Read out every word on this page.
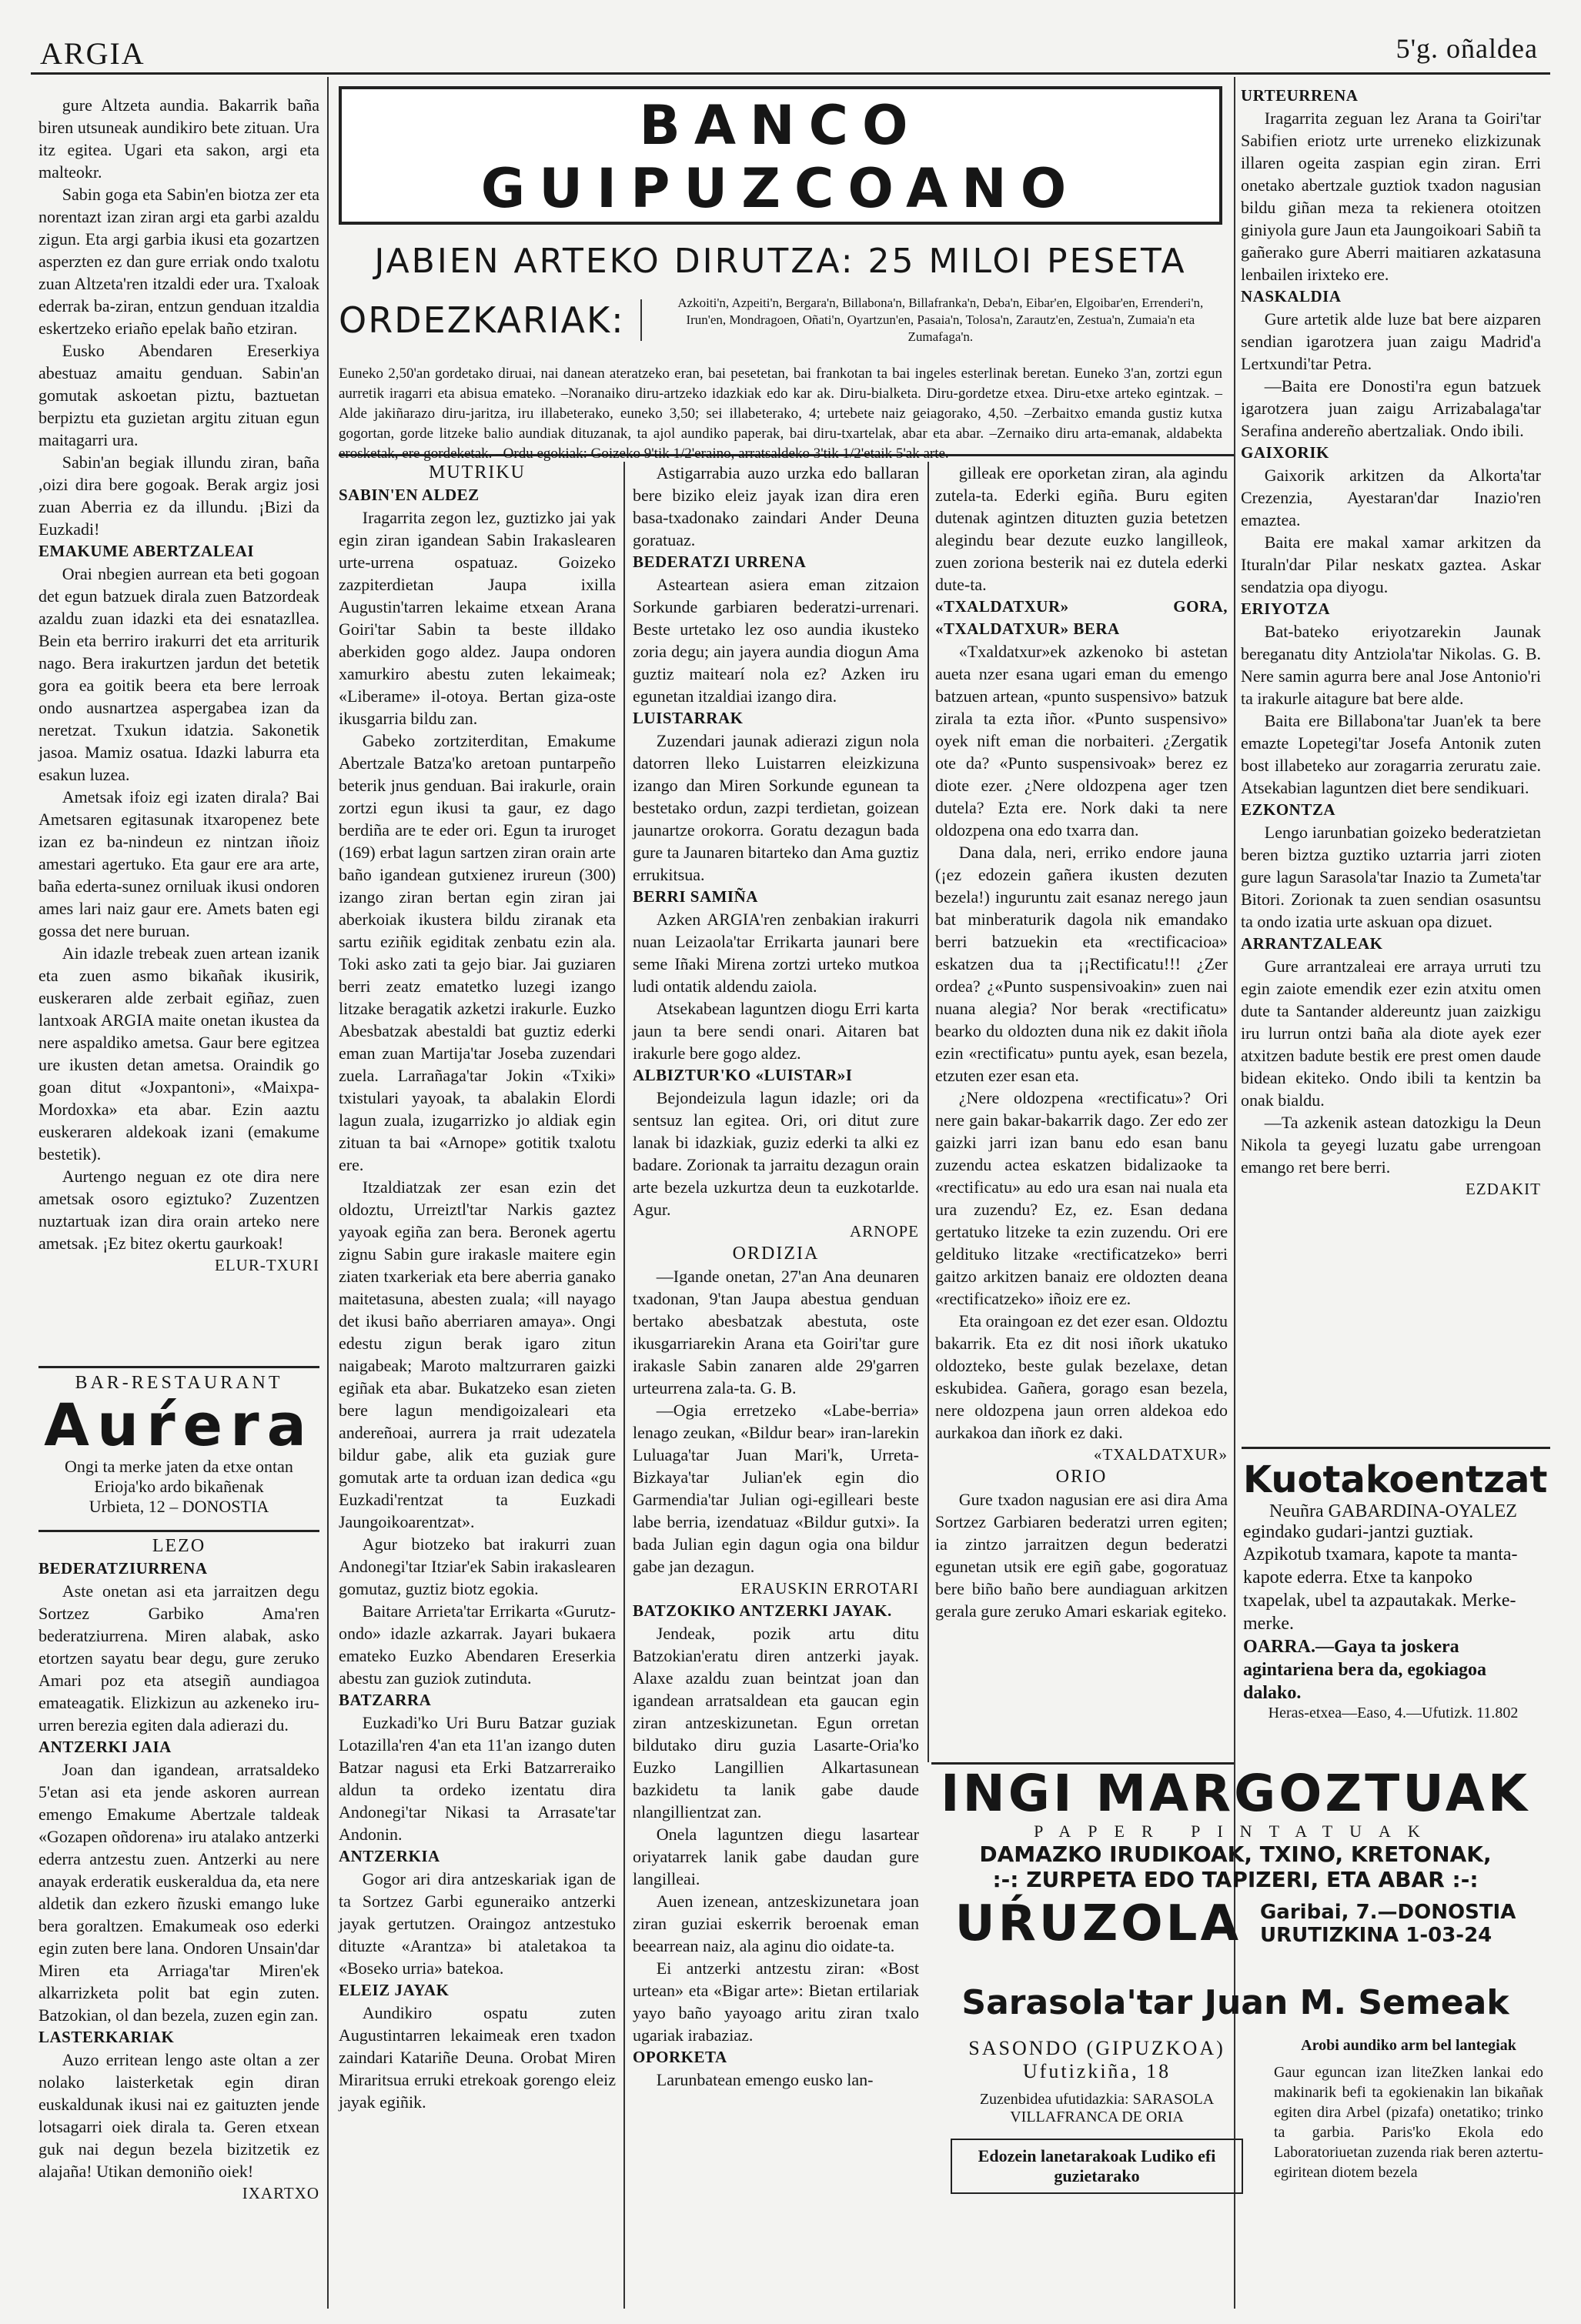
ARGIA	5'g. oñaldea

gure Altzeta aundia. Bakarrik baña biren utsuneak aundikiro bete zituan. Ura itz egitea. Ugari eta sakon, argi eta malteokr.

Sabin goga eta Sabin'en biotza zer eta norentazt izan ziran argi eta garbi azaldu zigun. Eta argi garbia ikusi eta gozartzen asperzten ez dan gure erriak ondo txalotu zuan Altzeta'ren itzaldi eder ura. Txaloak ederrak ba-ziran, entzun genduan itzaldia eskertzeko eriaño epelak baño etziran.

Eusko Abendaren Ereserkiya abestuaz amaitu genduan. Sabin'an gomutak askoetan piztu, baztuetan berpiztu eta guzietan argitu zituan egun maitagarri ura.

Sabin'an begiak illundu ziran, baña ,oizi dira bere gogoak. Berak argiz josi zuan Aberria ez da illundu. ¡Bizi da Euzkadi!

EMAKUME ABERTZALEAI

Orai nbegien aurrean eta beti gogoan det egun batzuek dirala zuen Batzordeak azaldu zuan idazki eta dei esnatazllea. Bein eta berriro irakurri det eta arriturik nago. Bera irakurtzen jardun det betetik gora ea goitik beera eta bere lerroak ondo ausnartzea aspergabea izan da neretzat. Txukun idatzia. Sakonetik jasoa. Mamiz osatua. Idazki laburra eta esakun luzea.

Ametsak ifoiz egi izaten dirala? Bai Ametsaren egitasunak itxaropenez bete izan ez ba-nindeun ez nintzan iñoiz amestari agertuko. Eta gaur ere ara arte, baña ederta-sunez orniluak ikusi ondoren ames lari naiz gaur ere. Amets baten egi gossa det nere buruan.

Ain idazle trebeak zuen artean izanik eta zuen asmo bikañak ikusirik, euskeraren alde zerbait egiñaz, zuen lantxoak ARGIA maite onetan ikustea da nere aspaldiko ametsa. Gaur bere egitzea ure ikusten detan ametsa. Oraindik go goan ditut «Joxpantoni», «Maixpa-Mordoxka» eta abar. Ezin aaztu euskeraren aldekoak izani (emakume bestetik).

Aurtengo neguan ez ote dira nere ametsak osoro egiztuko? Zuzentzen nuztartuak izan dira orain arteko nere ametsak. ¡Ez bitez okertu gaurkoak!

ELUR-TXURI

BAR-RESTAURANT
Auŕera
Ongi ta merke jaten da etxe ontan
Erioja'ko ardo bikañenak
Urbieta, 12 – DONOSTIA

LEZO

BEDERATZIURRENA

Aste onetan asi eta jarraitzen degu Sortzez Garbiko Ama'ren bederatziurrena. Miren alabak, asko etortzen sayatu bear degu, gure zeruko Amari poz eta atsegiñ aundiagoa emateagatik. Elizkizun au azkeneko iru-urren berezia egiten dala adierazi du.

ANTZERKI JAIA

Joan dan igandean, arratsaldeko 5'etan asi eta jende askoren aurrean emengo Emakume Abertzale taldeak «Gozapen oñdorena» iru atalako antzerki ederra antzestu zuen. Antzerki au nere anayak erderatik euskeraldua da, eta nere aldetik dan ezkero ñzuski emango luke bera goraltzen. Emakumeak oso ederki egin zuten bere lana. Ondoren Unsain'dar Miren eta Arriaga'tar Miren'ek alkarrizketa polit bat egin zuten. Batzokian, ol dan bezela, zuzen egin zan.

LASTERKARIAK

Auzo erritean lengo aste oltan a zer nolako laisterketak egin diran euskaldunak ikusi nai ez gaituzten jende lotsagarri oiek dirala ta. Geren etxean guk nai degun bezela bizitzetik ez alajaña! Utikan demoniño oiek!

IXARTXO

BANCO GUIPUZCOANO
JABIEN ARTEKO DIRUTZA: 25 MILOI PESETA
ORDEZKARIAK:	Azkoiti'n, Azpeiti'n, Bergara'n, Billabona'n, Billafranka'n, Deba'n, Eibar'en, Elgoibar'en, Errenderi'n, Irun'en, Mondragoen, Oñati'n, Oyartzun'en, Pasaia'n, Tolosa'n, Zarautz'en, Zestua'n, Zumaia'n eta Zumafaga'n.
Euneko 2,50'an gordetako diruai, nai danean ateratzeko eran, bai pesetetan, bai frankotan ta bai ingeles esterlinak beretan. Euneko 3'an, zortzi egun aurretik iragarri eta abisua emateko. –Noranaiko diru-artzeko idazkiak edo kar ak. Diru-bialketa. Diru-gordetze etxea. Diru-etxe arteko egintzak. –Alde jakiñarazo diru-jaritza, iru illabeterako, euneko 3,50; sei illabeterako, 4; urtebete naiz geiagorako, 4,50. –Zerbaitxo emanda gustiz kutxa gogortan, gorde litzeke balio aundiak dituzanak, ta ajol aundiko paperak, bai diru-txartelak, abar eta abar. –Zernaiko diru arta-emanak, aldabekta erosketak, ere gordeketak. –Ordu egokiak: Goizeko 9'tik 1/2'eraino, arratsaldeko 3'tik 1/2'etaik 5'ak arte.

MUTRIKU

SABIN'EN ALDEZ

Iragarrita zegon lez, guztizko jai yak egin ziran igandean Sabin Irakaslearen urte-urrena ospatuaz. Goizeko zazpiterdietan Jaupa ixilla Augustin'tarren lekaime etxean Arana Goiri'tar Sabin ta beste illdako aberkiden gogo aldez. Jaupa ondoren xamurkiro abestu zuten lekaimeak; «Liberame» il-otoya. Bertan giza-oste ikusgarria bildu zan.

Gabeko zortziterditan, Emakume Abertzale Batza'ko aretoan puntarpeño beterik jnus genduan. Bai irakurle, orain zortzi egun ikusi ta gaur, ez dago berdiña are te eder ori. Egun ta iruroget (169) erbat lagun sartzen ziran orain arte baño igandean gutxienez irureun (300) izango ziran bertan egin ziran jai aberkoiak ikustera bildu ziranak eta sartu eziñik egiditak zenbatu ezin ala. Toki asko zati ta gejo biar. Jai guziaren berri zeatz ematetko luzegi izango litzake beragatik azketzi irakurle. Euzko Abesbatzak abestaldi bat guztiz ederki eman zuan Martija'tar Joseba zuzendari zuela. Larrañaga'tar Jokin «Txiki» txistulari yayoak, ta abalakin Elordi lagun zuala, izugarrizko jo aldiak egin zituan ta bai «Arnope» gotitik txalotu ere.

Itzaldiatzak zer esan ezin det oldoztu, Urreiztl'tar Narkis gaztez yayoak egiña zan bera. Beronek agertu zignu Sabin gure irakasle maitere egin ziaten txarkeriak eta bere aberria ganako maitetasuna, abesten zuala; «ill nayago det ikusi baño aberriaren amaya». Ongi edestu zigun berak igaro zitun naigabeak; Maroto maltzurraren gaizki egiñak eta abar. Bukatzeko esan zieten bere lagun mendigoizaleari eta andereñoai, aurrera ja rrait udezatela bildur gabe, alik eta guziak gure gomutak arte ta orduan izan dedica «gu Euzkadi'rentzat ta Euzkadi Jaungoikoarentzat».

Agur biotzeko bat irakurri zuan Andonegi'tar Itziar'ek Sabin irakaslearen gomutaz, guztiz biotz egokia.

Baitare Arrieta'tar Errikarta «Gurutz-ondo» idazle azkarrak. Jayari bukaera emateko Euzko Abendaren Ereserkia abestu zan guziok zutinduta.

BATZARRA

Euzkadi'ko Uri Buru Batzar guziak Lotazilla'ren 4'an eta 11'an izango duten Batzar nagusi eta Erki Batzarreraiko aldun ta ordeko izentatu dira Andonegi'tar Nikasi ta Arrasate'tar Andonin.

ANTZERKIA

Gogor ari dira antzeskariak igan de ta Sortzez Garbi eguneraiko antzerki jayak gertutzen. Oraingoz antzestuko dituzte «Arantza» bi ataletakoa ta «Boseko urria» batekoa.

ELEIZ JAYAK

Aundikiro ospatu zuten Augustintarren lekaimeak eren txadon zaindari Katariñe Deuna. Orobat Miren Miraritsua erruki etrekoak gorengo eleiz jayak egiñik.

Astigarrabia auzo urzka edo ballaran bere biziko eleiz jayak izan dira eren basa-txadonako zaindari Ander Deuna goratuaz.

BEDERATZI URRENA

Asteartean asiera eman zitzaion Sorkunde garbiaren bederatzi-urrenari. Beste urtetako lez oso aundia ikusteko zoria degu; ain jayera aundia diogun Ama guztiz maitearí nola ez? Azken iru egunetan itzaldiai izango dira.

LUISTARRAK

Zuzendari jaunak adierazi zigun nola datorren lleko Luistarren eleizkizuna izango dan Miren Sorkunde egunean ta bestetako ordun, zazpi terdietan, goizean jaunartze orokorra. Goratu dezagun bada gure ta Jaunaren bitarteko dan Ama guztiz errukitsua.

BERRI SAMIÑA

Azken ARGIA'ren zenbakian irakurri nuan Leizaola'tar Errikarta jaunari bere seme Iñaki Mirena zortzi urteko mutkoa ludi ontatik aldendu zaiola.

Atsekabean laguntzen diogu Erri karta jaun ta bere sendi onari. Aitaren bat irakurle bere gogo aldez.

ALBIZTUR'KO «LUISTAR»I

Bejondeizula lagun idazle; ori da sentsuz lan egitea. Ori, ori ditut zure lanak bi idazkiak, guziz ederki ta alki ez badare. Zorionak ta jarraitu dezagun orain arte bezela uzkurtza deun ta euzkotarlde. Agur.

ARNOPE

ORDIZIA

—Igande onetan, 27'an Ana deunaren txadonan, 9'tan Jaupa abestua genduan bertako abesbatzak abestuta, oste ikusgarriarekin Arana eta Goiri'tar gure irakasle Sabin zanaren alde 29'garren urteurrena zala-ta. G. B.

—Ogia erretzeko «Labe-berria» lenago zeukan, «Bildur bear» iran-larekin Luluaga'tar Juan Mari'k, Urreta-Bizkaya'tar Julian'ek egin dio Garmendia'tar Julian ogi-egilleari beste labe berria, izendatuaz «Bildur gutxi». Ia bada Julian egin dagun ogia ona bildur gabe jan dezagun.

ERAUSKIN ERROTARI

BATZOKIKO ANTZERKI JAYAK.

Jendeak, pozik artu ditu Batzokian'eratu diren antzerki jayak. Alaxe azaldu zuan beintzat joan dan igandean arratsaldean eta gaucan egin ziran antzeskizunetan. Egun orretan bildutako diru guzia Lasarte-Oria'ko Euzko Langillien Alkartasunean bazkidetu ta lanik gabe daude nlangillientzat zan.

Onela laguntzen diegu lasartear oriyatarrek lanik gabe daudan gure langilleai.

Auen izenean, antzeskizunetara joan ziran guziai eskerrik beroenak eman beearrean naiz, ala aginu dio oidate-ta.

Ei antzerki antzestu ziran: «Bost urtean» eta «Bigar arte»: Bietan ertilariak yayo baño yayoago aritu ziran txalo ugariak irabaziaz.

OPORKETA

Larunbatean emengo eusko lan-

gilleak ere oporketan ziran, ala agindu zutela-ta. Ederki egiña. Buru egiten dutenak agintzen dituzten guzia betetzen alegindu bear dezute euzko langilleok, zuen zoriona besterik nai ez dutela ederki dute-ta.

«TXALDATXUR» GORA, «TXALDATXUR» BERA

«Txaldatxur»ek azkenoko bi astetan aueta nzer esana ugari eman du emengo batzuen artean, «punto suspensivo» batzuk zirala ta ezta iñor. «Punto suspensivo» oyek nift eman die norbaiteri. ¿Zergatik ote da? «Punto suspensivoak» berez ez diote ezer. ¿Nere oldozpena ager tzen dutela? Ezta ere. Nork daki ta nere oldozpena ona edo txarra dan.

Dana dala, neri, erriko endore jauna (¡ez edozein gañera ikusten dezuten bezela!) inguruntu zait esanaz nerego jaun bat minberaturik dagola nik emandako berri batzuekin eta «rectificacioa» eskatzen dua ta ¡¡Rectificatu!!! ¿Zer ordea? ¿«Punto suspensivoakin» zuen nai nuana alegia? Nor berak «rectificatu» bearko du oldozten duna nik ez dakit iñola ezin «rectificatu» puntu ayek, esan bezela, etzuten ezer esan eta.

¿Nere oldozpena «rectificatu»? Ori nere gain bakar-bakarrik dago. Zer edo zer gaizki jarri izan banu edo esan banu zuzendu actea eskatzen bidalizaoke ta «rectificatu» au edo ura esan nai nuala eta ura zuzendu? Ez, ez. Esan dedana gertatuko litzeke ta ezin zuzendu. Ori ere geldituko litzake «rectificatzeko» berri gaitzo arkitzen banaiz ere oldozten deana «rectificatzeko» iñoiz ere ez.

Eta oraingoan ez det ezer esan. Oldoztu bakarrik. Eta ez dit nosi iñork ukatuko oldozteko, beste gulak bezelaxe, detan eskubidea. Gañera, gorago esan bezela, nere oldozpena jaun orren aldekoa edo aurkakoa dan iñork ez daki.

«TXALDATXUR»

ORIO

Gure txadon nagusian ere asi dira Ama Sortzez Garbiaren bederatzi urren egiten; ia zintzo jarraitzen degun bederatzi egunetan utsik ere egiñ gabe, gogoratuaz bere biño baño bere aundiaguan arkitzen gerala gure zeruko Amari eskariak egiteko.

URTEURRENA

Iragarrita zeguan lez Arana ta Goiri'tar Sabifien eriotz urte urreneko elizkizunak illaren ogeita zaspian egin ziran. Erri onetako abertzale guztiok txadon nagusian bildu giñan meza ta rekienera otoitzen giniyola gure Jaun eta Jaungoikoari Sabiñ ta gañerako gure Aberri maitiaren azkatasuna lenbailen irixteko ere.

NASKALDIA

Gure artetik alde luze bat bere aizparen sendian igarotzera juan zaigu Madrid'a Lertxundi'tar Petra.

—Baita ere Donosti'ra egun batzuek igarotzera juan zaigu Arrizabalaga'tar Serafina andereño abertzaliak. Ondo ibili.

GAIXORIK

Gaixorik arkitzen da Alkorta'tar Crezenzia, Ayestaran'dar Inazio'ren emaztea.

Baita ere makal xamar arkitzen da Ituraln'dar Pilar neskatx gaztea. Askar sendatzia opa diyogu.

ERIYOTZA

Bat-bateko eriyotzarekin Jaunak bereganatu dity Antziola'tar Nikolas. G. B. Nere samin agurra bere anal Jose Antonio'ri ta irakurle aitagure bat bere alde.

Baita ere Billabona'tar Juan'ek ta bere emazte Lopetegi'tar Josefa Antonik zuten bost illabeteko aur zoragarria zeruratu zaie. Atsekabian laguntzen diet bere sendikuari.

EZKONTZA

Lengo iarunbatian goizeko bederatzietan beren biztza guztiko uztarria jarri zioten gure lagun Sarasola'tar Inazio ta Zumeta'tar Bitori. Zorionak ta zuen sendian osasuntsu ta ondo izatia urte askuan opa dizuet.

ARRANTZALEAK

Gure arrantzaleai ere arraya urruti tzu egin zaiote emendik ezer ezin atxitu omen dute ta Santander aldereuntz juan zaizkigu iru lurrun ontzi baña ala diote ayek ezer atxitzen badute bestik ere prest omen daude bidean ekiteko. Ondo ibili ta kentzin ba onak bialdu.

—Ta azkenik astean datozkigu la Deun Nikola ta geyegi luzatu gabe urrengoan emango ret bere berri.

EZDAKIT

Kuotakoentzat
Neuñra GABARDINA-OYALEZ
egindako gudari-jantzi guztiak.
Azpikotub txamara, kapote ta manta-kapote ederra. Etxe ta kanpoko txapelak, ubel ta azpautakak. Merke-merke.
OARRA.—Gaya ta joskera agintariena bera da, egokiagoa dalako.
Heras-etxea—Easo, 4.—Ufutizk. 11.802
INGI MARGOZTUAK
PAPER PINTATUAK
DAMAZKO IRUDIKOAK, TXINO, KRETONAK,
:-: ZURPETA EDO TAPIZERI, ETA ABAR :-:
UŔUZOLA Garibai, 7.—DONOSTIA
URUTIZKINA 1-03-24
Sarasola'tar Juan M. Semeak
SASONDO (GIPUZKOA)
Ufutizkiña, 18
Zuzenbidea ufutidazkia: SARASOLA VILLAFRANCA DE ORIA
Edozein lanetarakoak Ludiko efi guzietarako
Arobi aundiko arm bel lantegiak
Gaur eguncan izan liteZken lankai edo makinarik befi ta egokienakin lan bikañak egiten dira Arbel (pizafa) onetatiko; trinko ta garbia. Paris'ko Ekola edo Laboratoriuetan zuzenda riak beren aztertu-egiritean diotem bezela
